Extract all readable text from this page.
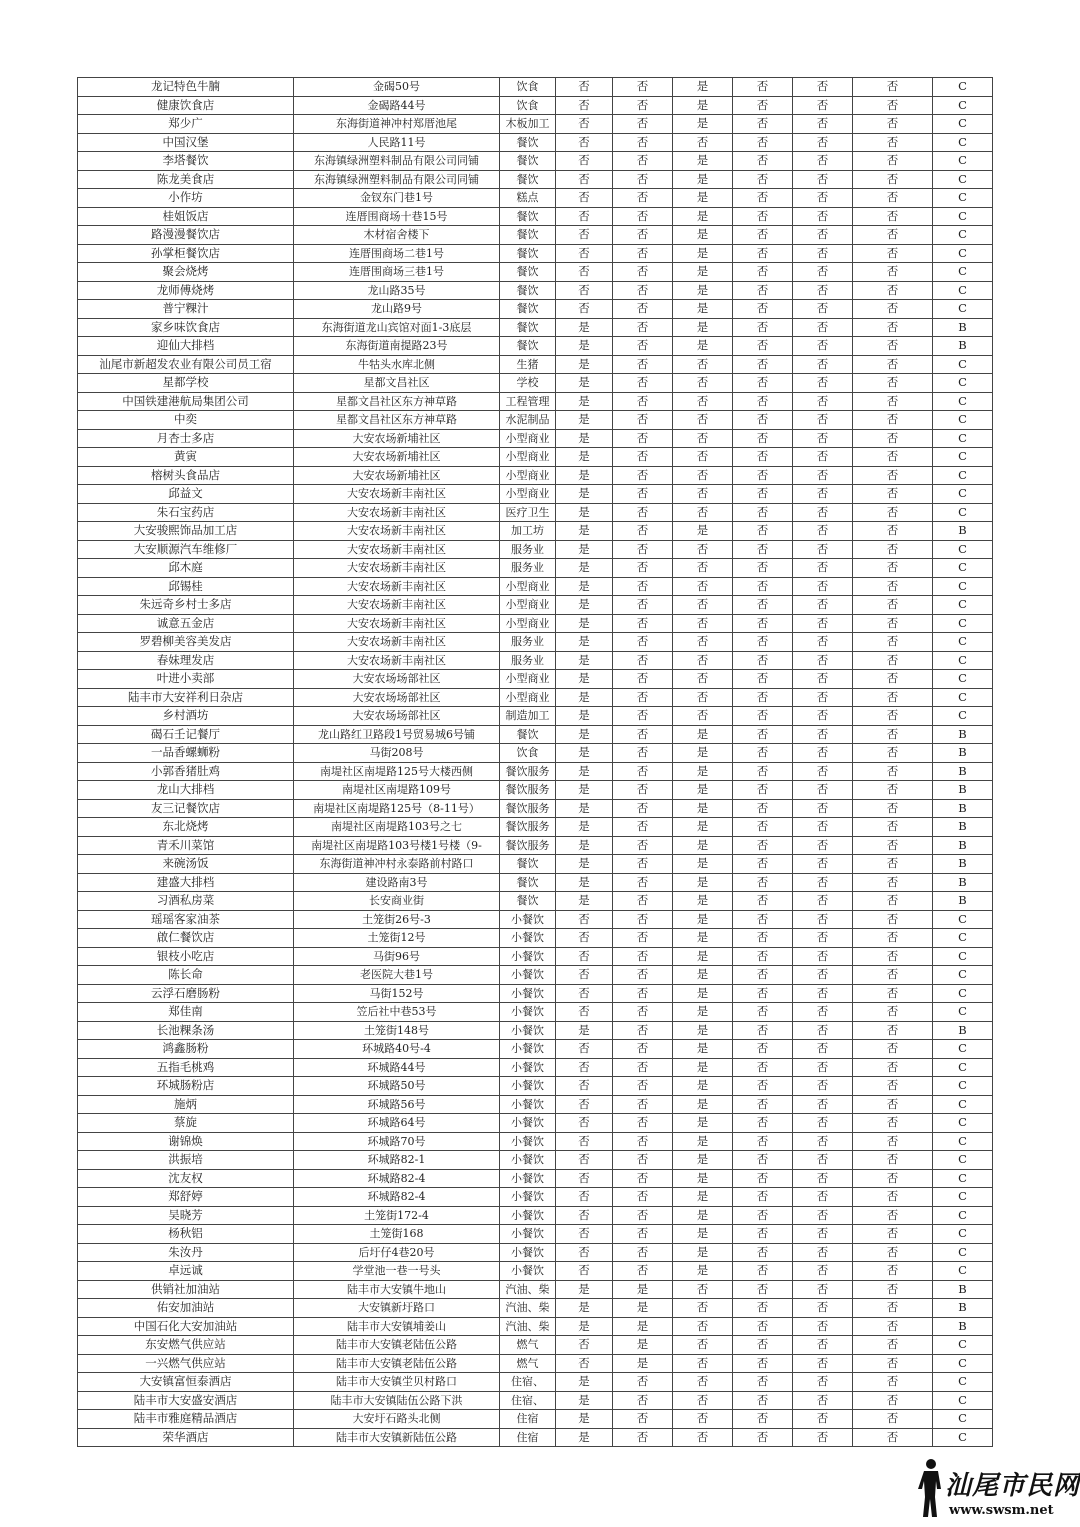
龙记特色牛腩	金碣50号	饮食	否	否	是	否	否	否	C
健康饮食店	金碣路44号	饮食	否	否	是	否	否	否	C
郑少广	东海街道神冲村郑厝池尾	木板加工	否	否	是	否	否	否	C
中国汉堡	人民路11号	餐饮	否	否	否	否	否	否	C
李塔餐饮	东海镇绿洲塑料制品有限公司同铺	餐饮	否	否	是	否	否	否	C
陈龙美食店	东海镇绿洲塑料制品有限公司同铺	餐饮	否	否	是	否	否	否	C
小作坊	金钗东门巷1号	糕点	否	否	是	否	否	否	C
桂姐饭店	连厝围商场十巷15号	餐饮	否	否	是	否	否	否	C
路漫漫餐饮店	木材宿舍楼下	餐饮	否	否	是	否	否	否	C
孙掌柜餐饮店	连厝围商场二巷1号	餐饮	否	否	是	否	否	否	C
聚会烧烤	连厝围商场三巷1号	餐饮	否	否	是	否	否	否	C
龙师傅烧烤	龙山路35号	餐饮	否	否	是	否	否	否	C
普宁粿汁	龙山路9号	餐饮	否	否	是	否	否	否	C
家乡味饮食店	东海街道龙山宾馆对面1-3底层	餐饮	是	否	是	否	否	否	B
迎仙大排档	东海街道南提路23号	餐饮	是	否	是	否	否	否	B
汕尾市新超发农业有限公司员工宿	牛牯头水库北侧	生猪	是	否	否	否	否	否	C
星都学校	星都文昌社区	学校	是	否	否	否	否	否	C
中国铁建港航局集团公司	星都文昌社区东方神草路	工程管理	是	否	否	否	否	否	C
中奕	星都文昌社区东方神草路	水泥制品	是	否	否	否	否	否	C
月杏士多店	大安农场新埔社区	小型商业	是	否	否	否	否	否	C
黄寅	大安农场新埔社区	小型商业	是	否	否	否	否	否	C
榕树头食品店	大安农场新埔社区	小型商业	是	否	否	否	否	否	C
邱益文	大安农场新丰南社区	小型商业	是	否	否	否	否	否	C
朱石宝药店	大安农场新丰南社区	医疗卫生	是	否	否	否	否	否	C
大安骏熙饰品加工店	大安农场新丰南社区	加工坊	是	否	是	否	否	否	B
大安顺源汽车维修厂	大安农场新丰南社区	服务业	是	否	否	否	否	否	C
邱木庭	大安农场新丰南社区	服务业	是	否	否	否	否	否	C
邱锡桂	大安农场新丰南社区	小型商业	是	否	否	否	否	否	C
朱远奇乡村士多店	大安农场新丰南社区	小型商业	是	否	否	否	否	否	C
诚意五金店	大安农场新丰南社区	小型商业	是	否	否	否	否	否	C
罗碧柳美容美发店	大安农场新丰南社区	服务业	是	否	否	否	否	否	C
春妹理发店	大安农场新丰南社区	服务业	是	否	否	否	否	否	C
叶进小卖部	大安农场场部社区	小型商业	是	否	否	否	否	否	C
陆丰市大安祥利日杂店	大安农场场部社区	小型商业	是	否	否	否	否	否	C
乡村酒坊	大安农场场部社区	制造加工	是	否	否	否	否	否	C
碣石壬记餐厅	龙山路红卫路段1号贸易城6号铺	餐饮	是	否	是	否	否	否	B
一品香螺蛳粉	马街208号	饮食	是	否	是	否	否	否	B
小郭香猪肚鸡	南堤社区南堤路125号大楼西侧	餐饮服务	是	否	是	否	否	否	B
龙山大排档	南堤社区南堤路109号	餐饮服务	是	否	是	否	否	否	B
友三记餐饮店	南堤社区南堤路125号（8-11号）	餐饮服务	是	否	是	否	否	否	B
东北烧烤	南堤社区南堤路103号之七	餐饮服务	是	否	是	否	否	否	B
青禾川菜馆	南堤社区南堤路103号楼1号楼（9-	餐饮服务	是	否	是	否	否	否	B
来碗汤饭	东海街道神冲村永泰路前村路口	餐饮	是	否	是	否	否	否	B
建盛大排档	建设路南3号	餐饮	是	否	是	否	否	否	B
习酒私房菜	长安商业街	餐饮	是	否	是	否	否	否	B
瑶瑶客家油茶	土笼街26号-3	小餐饮	否	否	是	否	否	否	C
啟仁餐饮店	土笼街12号	小餐饮	否	否	是	否	否	否	C
银枝小吃店	马街96号	小餐饮	否	否	是	否	否	否	C
陈长命	老医院大巷1号	小餐饮	否	否	是	否	否	否	C
云浮石磨肠粉	马街152号	小餐饮	否	否	是	否	否	否	C
郑佳南	笠后社中巷53号	小餐饮	否	否	是	否	否	否	C
长池粿条汤	土笼街148号	小餐饮	是	否	是	否	否	否	B
鸿鑫肠粉	环城路40号-4	小餐饮	否	否	是	否	否	否	C
五指毛桃鸡	环城路44号	小餐饮	否	否	是	否	否	否	C
环城肠粉店	环城路50号	小餐饮	否	否	是	否	否	否	C
施炳	环城路56号	小餐饮	否	否	是	否	否	否	C
蔡旋	环城路64号	小餐饮	否	否	是	否	否	否	C
谢锦焕	环城路70号	小餐饮	否	否	是	否	否	否	C
洪振培	环城路82-1	小餐饮	否	否	是	否	否	否	C
沈友权	环城路82-4	小餐饮	否	否	是	否	否	否	C
郑舒婷	环城路82-4	小餐饮	否	否	是	否	否	否	C
吴晓芳	土笼街172-4	小餐饮	否	否	是	否	否	否	C
杨秋铝	土笼街168	小餐饮	否	否	是	否	否	否	C
朱汝丹	后圩仔4巷20号	小餐饮	否	否	是	否	否	否	C
卓远诚	学堂池一巷一号头	小餐饮	否	否	是	否	否	否	C
供销社加油站	陆丰市大安镇牛地山	汽油、柴	是	是	否	否	否	否	B
佑安加油站	大安镇新圩路口	汽油、柴	是	是	否	否	否	否	B
中国石化大安加油站	陆丰市大安镇埔姜山	汽油、柴	是	是	否	否	否	否	B
东安燃气供应站	陆丰市大安镇老陆伍公路	燃气	否	是	否	否	否	否	C
一兴燃气供应站	陆丰市大安镇老陆伍公路	燃气	否	是	否	否	否	否	C
大安镇富恒泰酒店	陆丰市大安镇坣贝村路口	住宿、	是	否	否	否	否	否	C
陆丰市大安盛安酒店	陆丰市大安镇陆伍公路下洪	住宿、	是	否	否	否	否	否	C
陆丰市雅庭精品酒店	大安圩石路头北侧	住宿	是	否	否	否	否	否	C
荣华酒店	陆丰市大安镇新陆伍公路	住宿	是	否	否	否	否	否	C
汕尾市民网
www.swsm.net
